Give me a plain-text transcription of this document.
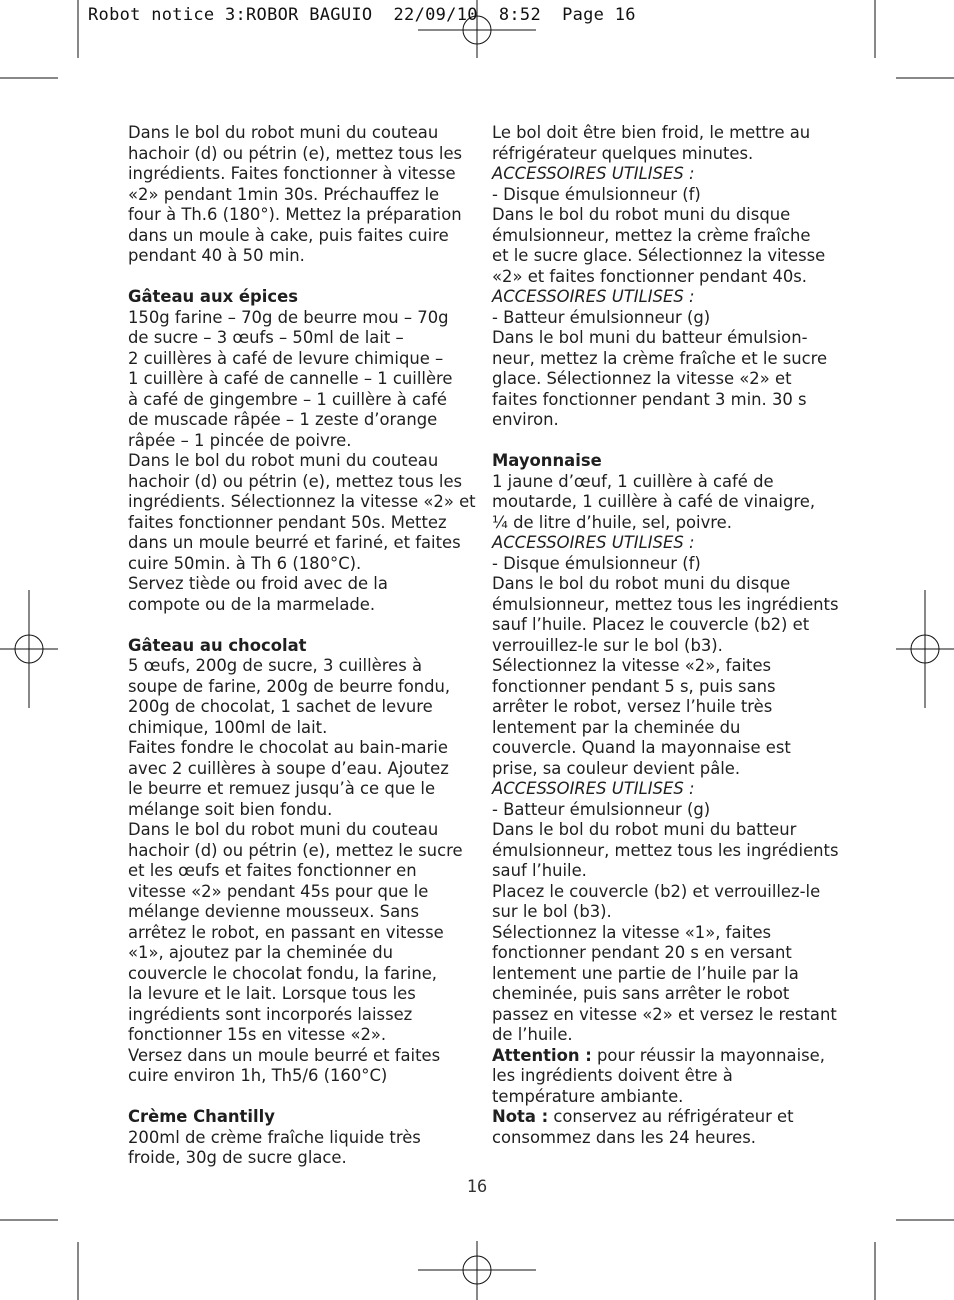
Robot notice 3:ROBOR BAGUIO  22/09/10  8:52  Page 16
Dans le bol du robot muni du couteau
hachoir (d) ou pétrin (e), mettez tous les
ingrédients. Faites fonctionner à vitesse
«2» pendant 1min 30s. Préchauffez le
four à Th.6 (180°). Mettez la préparation
dans un moule à cake, puis faites cuire
pendant 40 à 50 min.
Gâteau aux épices
150g farine – 70g de beurre mou – 70g
de sucre – 3 œufs – 50ml de lait –
2 cuillères à café de levure chimique –
1 cuillère à café de cannelle – 1 cuillère
à café de gingembre – 1 cuillère à café
de muscade râpée – 1 zeste d’orange
râpée – 1 pincée de poivre.
Dans le bol du robot muni du couteau
hachoir (d) ou pétrin (e), mettez tous les
ingrédients. Sélectionnez la vitesse «2» et
faites fonctionner pendant 50s. Mettez
dans un moule beurré et fariné, et faites
cuire 50min. à Th 6 (180°C).
Servez tiède ou froid avec de la
compote ou de la marmelade.
Gâteau au chocolat
5 œufs, 200g de sucre, 3 cuillères à
soupe de farine, 200g de beurre fondu,
200g de chocolat, 1 sachet de levure
chimique, 100ml de lait.
Faites fondre le chocolat au bain-marie
avec 2 cuillères à soupe d’eau. Ajoutez
le beurre et remuez jusqu’à ce que le
mélange soit bien fondu.
Dans le bol du robot muni du couteau
hachoir (d) ou pétrin (e), mettez le sucre
et les œufs et faites fonctionner en
vitesse «2» pendant 45s pour que le
mélange devienne mousseux. Sans
arrêtez le robot, en passant en vitesse
«1», ajoutez par la cheminée du
couvercle le chocolat fondu, la farine,
la levure et le lait. Lorsque tous les
ingrédients sont incorporés laissez
fonctionner 15s en vitesse «2».
Versez dans un moule beurré et faites
cuire environ 1h, Th5/6 (160°C)
Crème Chantilly
200ml de crème fraîche liquide très
froide, 30g de sucre glace.
Le bol doit être bien froid, le mettre au
réfrigérateur quelques minutes.
ACCESSOIRES UTILISES :
- Disque émulsionneur (f)
Dans le bol du robot muni du disque
émulsionneur, mettez la crème fraîche
et le sucre glace. Sélectionnez la vitesse
«2» et faites fonctionner pendant 40s.
ACCESSOIRES UTILISES :
- Batteur émulsionneur (g)
Dans le bol muni du batteur émulsion-
neur, mettez la crème fraîche et le sucre
glace. Sélectionnez la vitesse «2» et
faites fonctionner pendant 3 min. 30 s
environ.
Mayonnaise
1 jaune d’œuf, 1 cuillère à café de
moutarde, 1 cuillère à café de vinaigre,
¼ de litre d’huile, sel, poivre.
ACCESSOIRES UTILISES :
- Disque émulsionneur (f)
Dans le bol du robot muni du disque
émulsionneur, mettez tous les ingrédients
sauf l’huile. Placez le couvercle (b2) et
verrouillez-le sur le bol (b3).
Sélectionnez la vitesse «2», faites
fonctionner pendant 5 s, puis sans
arrêter le robot, versez l’huile très
lentement par la cheminée du
couvercle. Quand la mayonnaise est
prise, sa couleur devient pâle.
ACCESSOIRES UTILISES :
- Batteur émulsionneur (g)
Dans le bol du robot muni du batteur
émulsionneur, mettez tous les ingrédients
sauf l’huile.
Placez le couvercle (b2) et verrouillez-le
sur le bol (b3).
Sélectionnez la vitesse «1», faites
fonctionner pendant 20 s en versant
lentement une partie de l’huile par la
cheminée, puis sans arrêter le robot
passez en vitesse «2» et versez le restant
de l’huile.
Attention : pour réussir la mayonnaise,
les ingrédients doivent être à
température ambiante.
Nota : conservez au réfrigérateur et
consommez dans les 24 heures.
16
